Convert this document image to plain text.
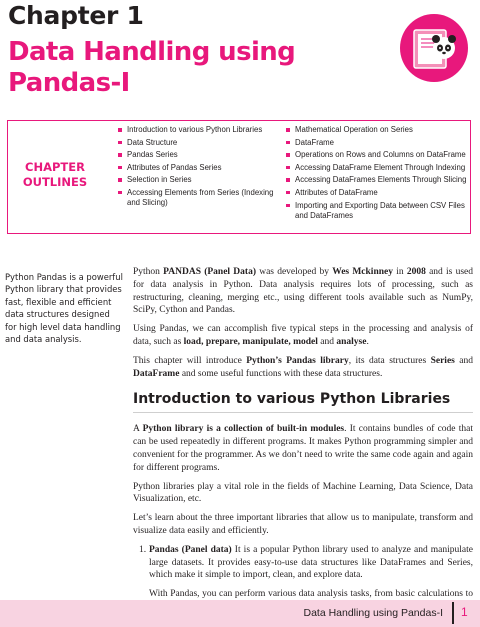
Chapter 1
Data Handling using Pandas-I
CHAPTER OUTLINES
Introduction to various Python Libraries
Data Structure
Pandas Series
Attributes of Pandas Series
Selection in Series
Accessing Elements from Series (Indexing and Slicing)
Mathematical Operation on Series
DataFrame
Operations on Rows and Columns on DataFrame
Accessing DataFrame Element Through Indexing
Accessing DataFrames Elements Through Slicing
Attributes of DataFrame
Importing and Exporting Data between CSV Files and DataFrames
Python Pandas is a powerful Python library that provides fast, flexible and efficient data structures designed for high level data handling and data analysis.

Python PANDAS (Panel Data) was developed by Wes Mckinney in 2008 and is used for data analysis in Python. Data analysis requires lots of processing, such as restructuring, cleaning, merging etc., using different tools available such as NumPy, SciPy, Cython and Pandas.

Using Pandas, we can accomplish five typical steps in the processing and analysis of data, such as load, prepare, manipulate, model and analyse.

This chapter will introduce Python’s Pandas library, its data structures Series and DataFrame and some useful functions with these data structures.

Introduction to various Python Libraries

A Python library is a collection of built-in modules. It contains bundles of code that can be used repeatedly in different programs. It makes Python programming simpler and convenient for the programmer. As we don’t need to write the same code again and again for different programs.

Python libraries play a vital role in the fields of Machine Learning, Data Science, Data Visualization, etc.

Let’s learn about the three important libraries that allow us to manipulate, transform and visualize data easily and efficiently.

1. Pandas (Panel data) It is a popular Python library used to analyze and manipulate large datasets. It provides easy-to-use data structures like DataFrames and Series, which make it simple to import, clean, and explore data.

With Pandas, you can perform various data analysis tasks, from basic calculations to

Data Handling using Pandas-I 1
